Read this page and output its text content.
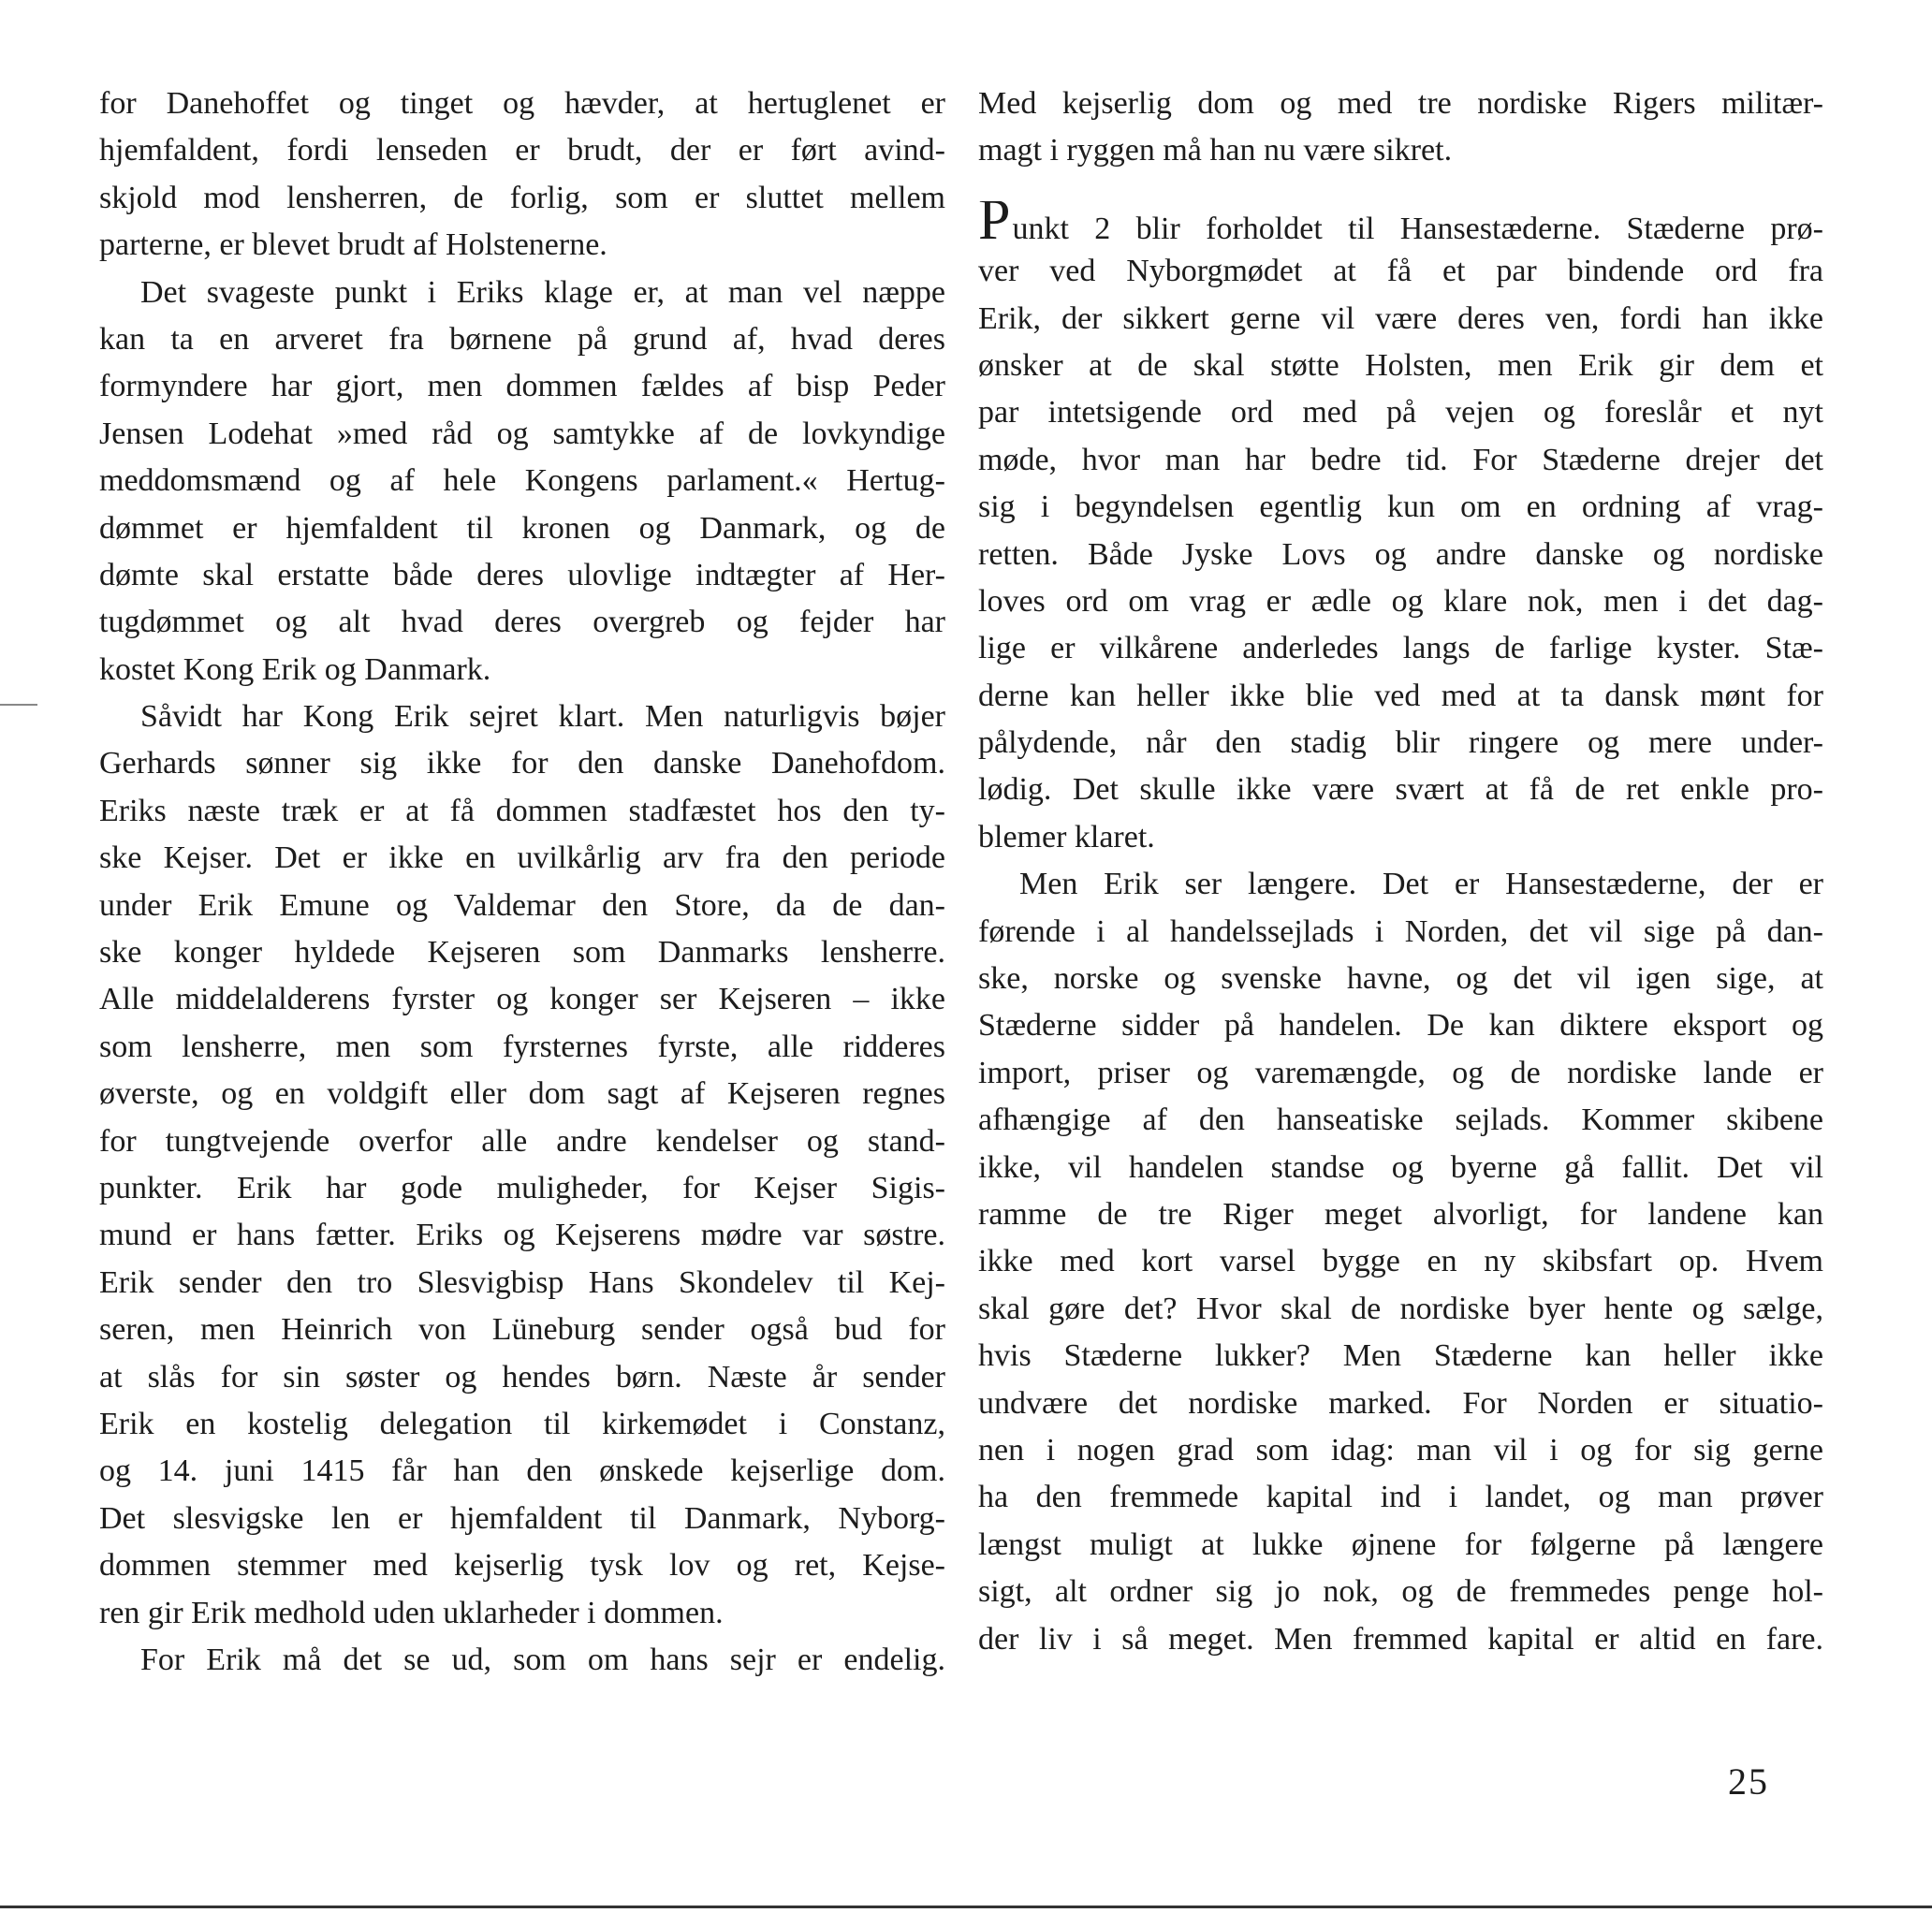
for Danehoffet og tinget og hævder, at hertuglenet er
hjemfaldent, fordi lenseden er brudt, der er ført avind-
skjold mod lensherren, de forlig, som er sluttet mellem
parterne, er blevet brudt af Holstenerne.
Det svageste punkt i Eriks klage er, at man vel næppe
kan ta en arveret fra børnene på grund af, hvad deres
formyndere har gjort, men dommen fældes af bisp Peder
Jensen Lodehat »med råd og samtykke af de lovkyndige
meddomsmænd og af hele Kongens parlament.« Hertug-
dømmet er hjemfaldent til kronen og Danmark, og de
dømte skal erstatte både deres ulovlige indtægter af Her-
tugdømmet og alt hvad deres overgreb og fejder har
kostet Kong Erik og Danmark.
Såvidt har Kong Erik sejret klart. Men naturligvis bøjer
Gerhards sønner sig ikke for den danske Danehofdom.
Eriks næste træk er at få dommen stadfæstet hos den ty-
ske Kejser. Det er ikke en uvilkårlig arv fra den periode
under Erik Emune og Valdemar den Store, da de dan-
ske konger hyldede Kejseren som Danmarks lensherre.
Alle middelalderens fyrster og konger ser Kejseren – ikke
som lensherre, men som fyrsternes fyrste, alle ridderes
øverste, og en voldgift eller dom sagt af Kejseren regnes
for tungtvejende overfor alle andre kendelser og stand-
punkter. Erik har gode muligheder, for Kejser Sigis-
mund er hans fætter. Eriks og Kejserens mødre var søstre.
Erik sender den tro Slesvigbisp Hans Skondelev til Kej-
seren, men Heinrich von Lüneburg sender også bud for
at slås for sin søster og hendes børn. Næste år sender
Erik en kostelig delegation til kirkemødet i Constanz,
og 14. juni 1415 får han den ønskede kejserlige dom.
Det slesvigske len er hjemfaldent til Danmark, Nyborg-
dommen stemmer med kejserlig tysk lov og ret, Kejse-
ren gir Erik medhold uden uklarheder i dommen.
For Erik må det se ud, som om hans sejr er endelig.
Med kejserlig dom og med tre nordiske Rigers militær-
magt i ryggen må han nu være sikret.
Punkt 2 blir forholdet til Hansestæderne. Stæderne prø-
ver ved Nyborgmødet at få et par bindende ord fra
Erik, der sikkert gerne vil være deres ven, fordi han ikke
ønsker at de skal støtte Holsten, men Erik gir dem et
par intetsigende ord med på vejen og foreslår et nyt
møde, hvor man har bedre tid. For Stæderne drejer det
sig i begyndelsen egentlig kun om en ordning af vrag-
retten. Både Jyske Lovs og andre danske og nordiske
loves ord om vrag er ædle og klare nok, men i det dag-
lige er vilkårene anderledes langs de farlige kyster. Stæ-
derne kan heller ikke blie ved med at ta dansk mønt for
pålydende, når den stadig blir ringere og mere under-
lødig. Det skulle ikke være svært at få de ret enkle pro-
blemer klaret.
Men Erik ser længere. Det er Hansestæderne, der er
førende i al handelssejlads i Norden, det vil sige på dan-
ske, norske og svenske havne, og det vil igen sige, at
Stæderne sidder på handelen. De kan diktere eksport og
import, priser og varemængde, og de nordiske lande er
afhængige af den hanseatiske sejlads. Kommer skibene
ikke, vil handelen standse og byerne gå fallit. Det vil
ramme de tre Riger meget alvorligt, for landene kan
ikke med kort varsel bygge en ny skibsfart op. Hvem
skal gøre det? Hvor skal de nordiske byer hente og sælge,
hvis Stæderne lukker? Men Stæderne kan heller ikke
undvære det nordiske marked. For Norden er situatio-
nen i nogen grad som idag: man vil i og for sig gerne
ha den fremmede kapital ind i landet, og man prøver
længst muligt at lukke øjnene for følgerne på længere
sigt, alt ordner sig jo nok, og de fremmedes penge hol-
der liv i så meget. Men fremmed kapital er altid en fare.
25
